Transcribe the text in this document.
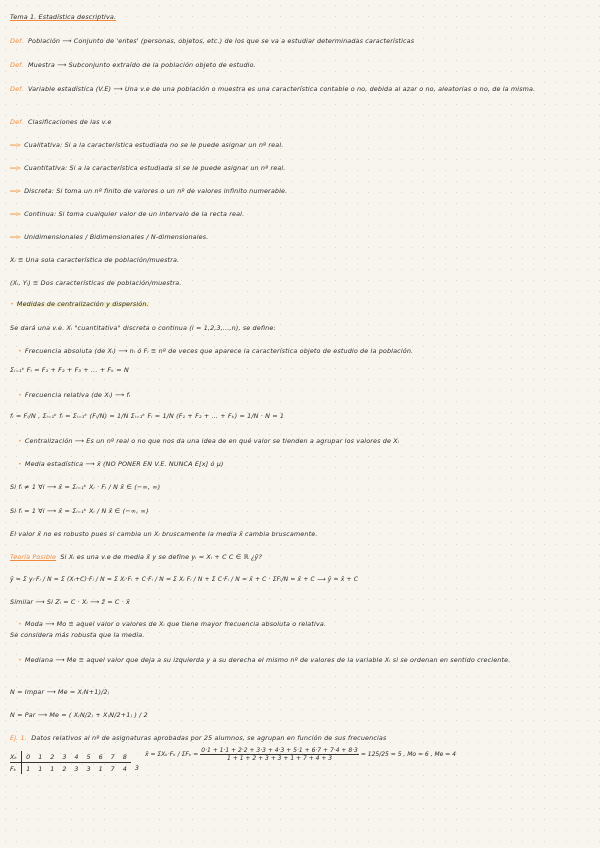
Tema 1. Estadística descriptiva.
Def. Población ⟶ Conjunto de 'entes' (personas, objetos, etc.) de los que se va a estudiar determinadas características
Def. Muestra ⟶ Subconjunto extraído de la población objeto de estudio.
Def. Variable estadística (V.E) ⟶ Una v.e de una población o muestra es una característica contable o no, debida al azar o no, aleatorias o no, de la misma.
Def. Clasificaciones de las v.e
══> Cualitativa: Si a la característica estudiada no se le puede asignar un nº real.
══> Cuantitativa: Si a la característica estudiada si se le puede asignar un nº real.
══> Discreta: Si toma un nº finito de valores o un nº de valores infinito numerable.
══> Continua: Si toma cualquier valor de un intervalo de la recta real.
══> Unidimensionales / Bidimensionales / N-dimensionales.
Xᵢ ≡ Una sola característica de población/muestra.
(Xᵢ, Yᵢ) ≡ Dos características de población/muestra.
• Medidas de centralización y dispersión.
Se dará una v.e. Xᵢ "cuantitativa" discreta o continua (i = 1,2,3,...,n), se define:
• Frecuencia absoluta (de Xᵢ) ⟶ nᵢ ó Fᵢ ≡ nº de veces que aparece la característica objeto de estudio de la población.
Σᵢ₌₁ᵏ Fᵢ = F₁ + F₂ + F₃ + ... + Fₖ = N
• Frecuencia relativa (de Xᵢ) ⟶ fᵢ
fᵢ = Fᵢ/N , Σᵢ₌₁ᵏ fᵢ = Σᵢ₌₁ᵏ (Fᵢ/N) = 1/N Σᵢ₌₁ᵏ Fᵢ = 1/N (F₁ + F₂ + ... + Fₖ) = 1/N · N = 1
• Centralización ⟶ Es un nº real o no que nos da una idea de en qué valor se tienden a agrupar los valores de Xᵢ
• Media estadística ⟶ x̄ (NO PONER EN V.E. NUNCA E[x] ó μ)
Si fᵢ ≠ 1 ∀i ⟶ x̄ = Σᵢ₌₁ᵏ Xᵢ · Fᵢ / N x̄ ∈ (−∞, ∞)
Si fᵢ = 1 ∀i ⟶ x̄ = Σᵢ₌₁ᵏ Xᵢ / N x̄ ∈ (−∞, ∞)
El valor x̄ no es robusto pues si cambia un Xᵢ bruscamente la media x̄ cambia bruscamente.
Teoría Posible Si Xᵢ es una v.e de media x̄ y se define yᵢ = Xᵢ + C C ∈ ℝ ¿ȳ?
ȳ = Σ yᵢ·Fᵢ / N = Σ (Xᵢ+C)·Fᵢ / N = Σ Xᵢ·Fᵢ + C·Fᵢ / N = Σ Xᵢ Fᵢ / N + Σ C·Fᵢ / N = x̄ + C · ΣFᵢ/N = x̄ + C ⟶ ȳ = x̄ + C
Similar ⟶ Si Zᵢ = C · Xᵢ ⟶ z̄ = C · x̄
• Moda ⟶ Mo ≡ aquel valor o valores de Xᵢ que tiene mayor frecuencia absoluta o relativa.
Se considera más robusta que la media.
• Mediana ⟶ Me ≡ aquel valor que deja a su izquierda y a su derecha el mismo nº de valores de la variable Xᵢ si se ordenan en sentido creciente.
N = Impar ⟶ Me = X₍N+1)/2₎
N = Par ⟶ Me = ( X₍N/2₎ + X₍N/2+1₎ ) / 2
Ej. 1. Datos relativos al nº de asignaturas aprobadas por 25 alumnos, se agrupan en función de sus frecuencias
Xₖ	0	1	2	3	4	5	6	7	8	
Fₖ	1	1	1	2	3	3	1	7	4	3
x̄ = $\Sigma X_k\cdot F_k / \Sigma F_k = \frac{0\cdot 1 + 1\cdot 1 + 2\cdot 2 + 3\cdot 3 + 4\cdot 3 + 5\cdot 1 + 6\cdot 7 + 7\cdot 4 + 8\cdot 3}{1 + 1 + 2 + 3 + 3 + 1 + 7 + 4 + 3} = 125/25 = 5$ , Mo = 6 , Me = 4
